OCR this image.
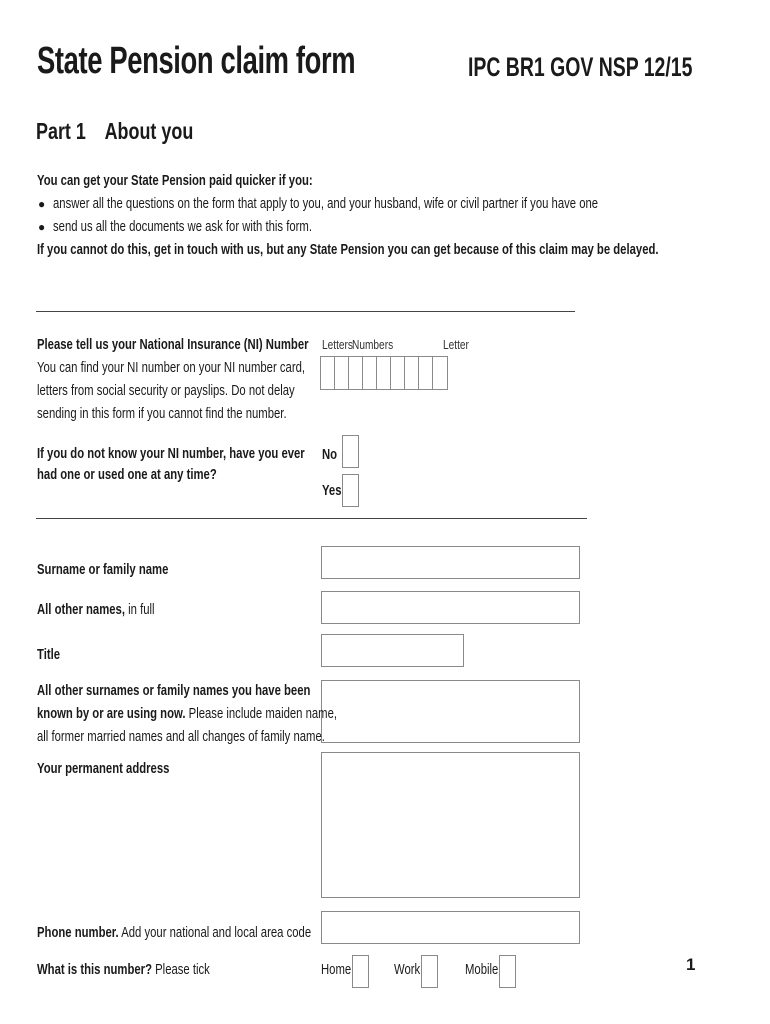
State Pension claim form	IPC BR1 GOV NSP 12/15
Part 1 About you
You can get your State Pension paid quicker if you:
● answer all the questions on the form that apply to you, and your husband, wife or civil partner if you have one
● send us all the documents we ask for with this form.
If you cannot do this, get in touch with us, but any State Pension you can get because of this claim may be delayed.
Please tell us your National Insurance (NI) Number
You can find your NI number on your NI number card,
letters from social security or payslips. Do not delay
sending in this form if you cannot find the number.
Letters
Numbers	Letter
If you do not know your NI number, have you ever
had one or used one at any time?
No
Yes
Surname or family name
All other names, in full
Title
All other surnames or family names you have been
known by or are using now. Please include maiden name,
all former married names and all changes of family name.
Your permanent address
Phone number. Add your national and local area code
What is this number? Please tick	Home	Work	Mobile	1
